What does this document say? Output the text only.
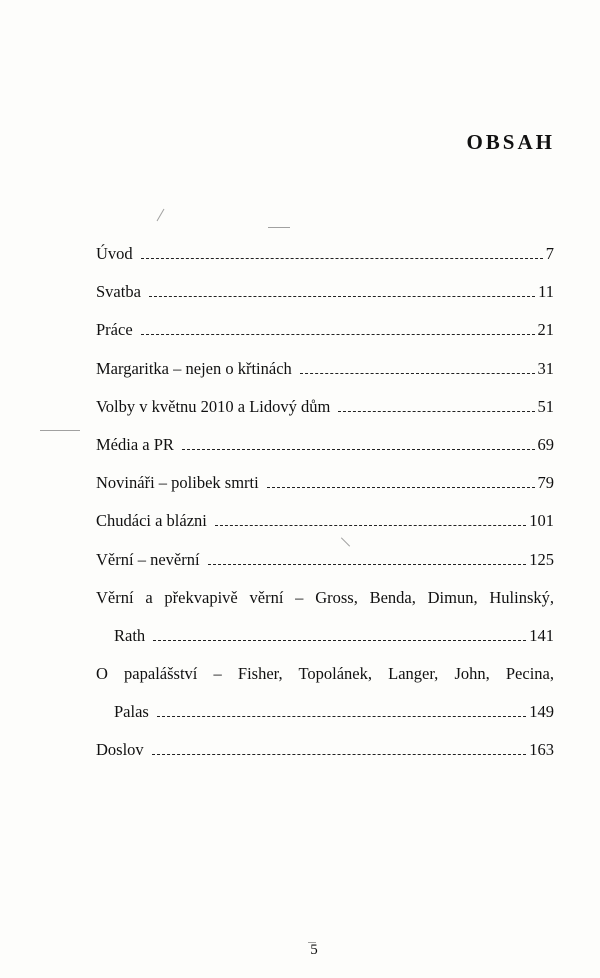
OBSAH
Úvod	7
Svatba	11
Práce	21
Margaritka – nejen o křtinách	31
Volby v květnu 2010 a Lidový dům	51
Média a PR	69
Novináři – polibek smrti	79
Chudáci a blázni	101
Věrní – nevěrní	125
Věrní a překvapivě věrní – Gross, Benda, Dimun, Hulinský,
Rath	141
O papalášství – Fisher, Topolánek, Langer, John, Pecina,
Palas	149
Doslov	163
5
